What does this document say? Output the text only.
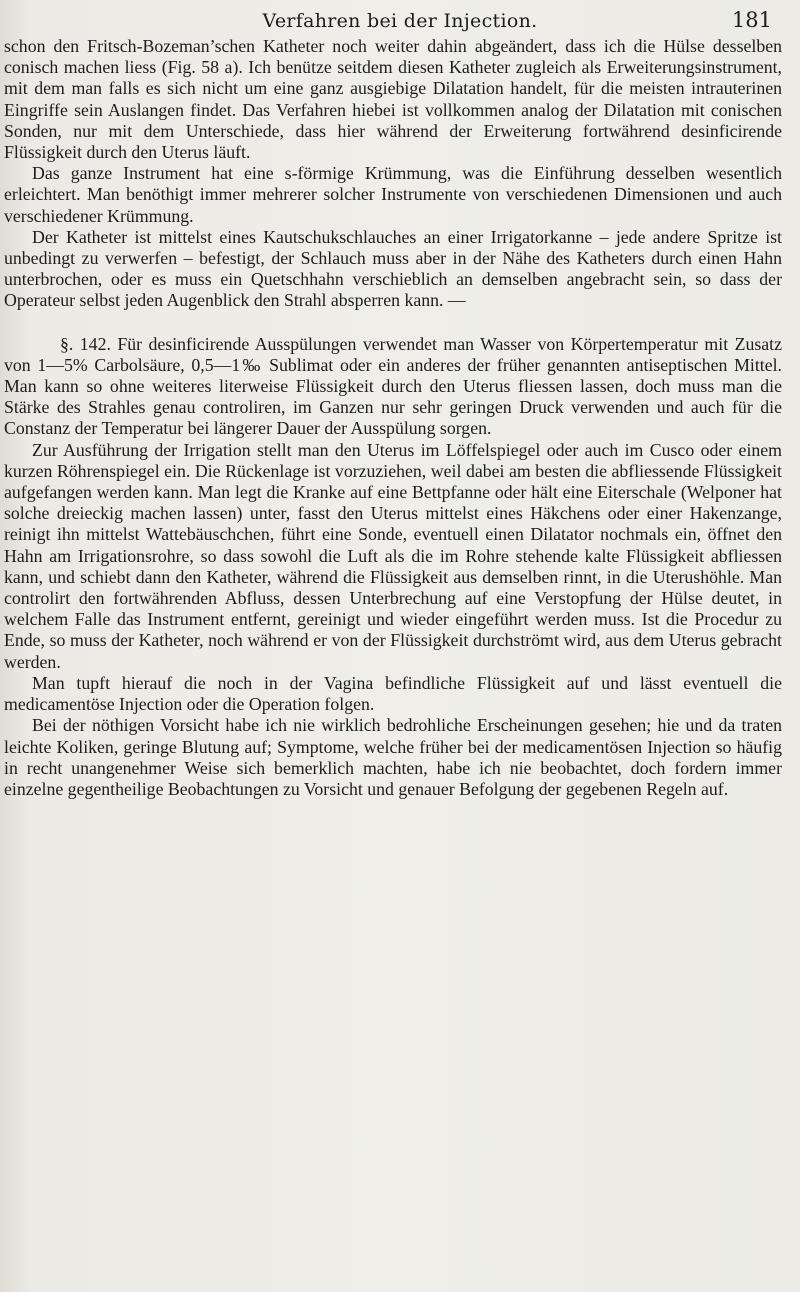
Verfahren bei der Injection.	181

schon den Fritsch-Bozeman’schen Katheter noch weiter dahin abgeändert, dass ich die Hülse desselben conisch machen liess (Fig. 58 a). Ich benütze seitdem diesen Katheter zugleich als Erweiterungsinstrument, mit dem man falls es sich nicht um eine ganz ausgiebige Dilatation handelt, für die meisten intrauterinen Eingriffe sein Auslangen findet. Das Verfahren hiebei ist vollkommen analog der Dilatation mit conischen Sonden, nur mit dem Unterschiede, dass hier während der Erweiterung fortwährend desinficirende Flüssigkeit durch den Uterus läuft.

Das ganze Instrument hat eine s-förmige Krümmung, was die Einführung desselben wesentlich erleichtert. Man benöthigt immer mehrerer solcher Instrumente von verschiedenen Dimensionen und auch verschiedener Krümmung.

Der Katheter ist mittelst eines Kautschukschlauches an einer Irrigatorkanne – jede andere Spritze ist unbedingt zu verwerfen – befestigt, der Schlauch muss aber in der Nähe des Katheters durch einen Hahn unterbrochen, oder es muss ein Quetschhahn verschieblich an demselben angebracht sein, so dass der Operateur selbst jeden Augenblick den Strahl absperren kann. —

§. 142. Für desinficirende Ausspülungen verwendet man Wasser von Körpertemperatur mit Zusatz von 1—5% Carbolsäure, 0,5—1‰ Sublimat oder ein anderes der früher genannten antiseptischen Mittel. Man kann so ohne weiteres literweise Flüssigkeit durch den Uterus fliessen lassen, doch muss man die Stärke des Strahles genau controliren, im Ganzen nur sehr geringen Druck verwenden und auch für die Constanz der Temperatur bei längerer Dauer der Ausspülung sorgen.

Zur Ausführung der Irrigation stellt man den Uterus im Löffelspiegel oder auch im Cusco oder einem kurzen Röhrenspiegel ein. Die Rückenlage ist vorzuziehen, weil dabei am besten die abfliessende Flüssigkeit aufgefangen werden kann. Man legt die Kranke auf eine Bettpfanne oder hält eine Eiterschale (Welponer hat solche dreieckig machen lassen) unter, fasst den Uterus mittelst eines Häkchens oder einer Hakenzange, reinigt ihn mittelst Wattebäuschchen, führt eine Sonde, eventuell einen Dilatator nochmals ein, öffnet den Hahn am Irrigationsrohre, so dass sowohl die Luft als die im Rohre stehende kalte Flüssigkeit abfliessen kann, und schiebt dann den Katheter, während die Flüssigkeit aus demselben rinnt, in die Uterushöhle. Man controlirt den fortwährenden Abfluss, dessen Unterbrechung auf eine Verstopfung der Hülse deutet, in welchem Falle das Instrument entfernt, gereinigt und wieder eingeführt werden muss. Ist die Procedur zu Ende, so muss der Katheter, noch während er von der Flüssigkeit durchströmt wird, aus dem Uterus gebracht werden.

Man tupft hierauf die noch in der Vagina befindliche Flüssigkeit auf und lässt eventuell die medicamentöse Injection oder die Operation folgen.

Bei der nöthigen Vorsicht habe ich nie wirklich bedrohliche Erscheinungen gesehen; hie und da traten leichte Koliken, geringe Blutung auf; Symptome, welche früher bei der medicamentösen Injection so häufig in recht unangenehmer Weise sich bemerklich machten, habe ich nie beobachtet, doch fordern immer einzelne gegentheilige Beobachtungen zu Vorsicht und genauer Befolgung der gegebenen Regeln auf.
